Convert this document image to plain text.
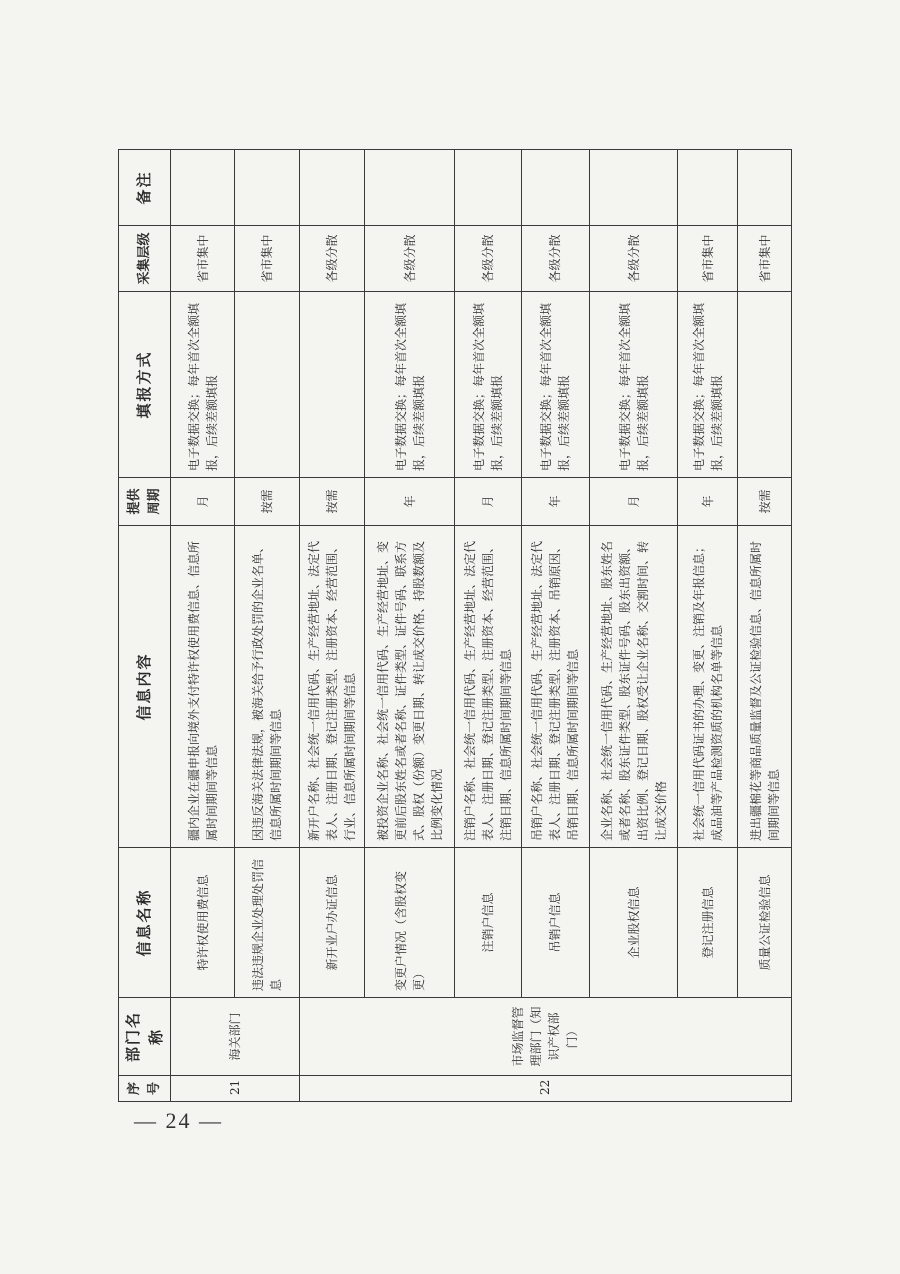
序号	部门名称	信息名称	信息内容	提供周期	填报方式	采集层级	备注
21	海关部门	特许权使用费信息	疆内企业在疆申报向境外支付特许权使用费信息、信息所属时间期间等信息	月	电子数据交换；每年首次全额填报，后续差额填报	省市集中	
		违法违规企业处理处罚信息	因违反海关法律法规，被海关给予行政处罚的企业名单、信息所属时间期间等信息	按需		省市集中	
22	市场监督管理部门（知识产权部门）	新开业户办证信息	新开户名称、社会统一信用代码、生产经营地址、法定代表人、注册日期、登记注册类型、注册资本、经营范围、行业、信息所属时间期间等信息	按需		各级分散	
		变更户情况（含股权变更）	被投资企业名称、社会统一信用代码、生产经营地址、变更前后股东姓名或者名称、证件类型、证件号码、联系方式、股权（份额）变更日期、转让成交价格、持股数额及比例变化情况	年	电子数据交换；每年首次全额填报，后续差额填报	各级分散	
		注销户信息	注销户名称、社会统一信用代码、生产经营地址、法定代表人、注册日期、登记注册类型、注册资本、经营范围、注销日期、信息所属时间期间等信息	月	电子数据交换；每年首次全额填报，后续差额填报	各级分散	
		吊销户信息	吊销户名称、社会统一信用代码、生产经营地址、法定代表人、注册日期、登记注册类型、注册资本、吊销原因、吊销日期、信息所属时间期间等信息	年	电子数据交换；每年首次全额填报，后续差额填报	各级分散	
		企业股权信息	企业名称、社会统一信用代码、生产经营地址、股东姓名或者名称、股东证件类型、股东证件号码、股东出资额、出资比例、登记日期、股权受让企业名称、交割时间、转让成交价格	月	电子数据交换；每年首次全额填报，后续差额填报	各级分散	
		登记注册信息	社会统一信用代码证书的办理、变更、注销及年报信息；成品油等产品检测资质的机构名单等信息	年	电子数据交换；每年首次全额填报，后续差额填报	省市集中	
		质量公证检验信息	进出疆棉花等商品质量监督及公证检验信息、信息所属时间期间等信息	按需		省市集中	
— 24 —
